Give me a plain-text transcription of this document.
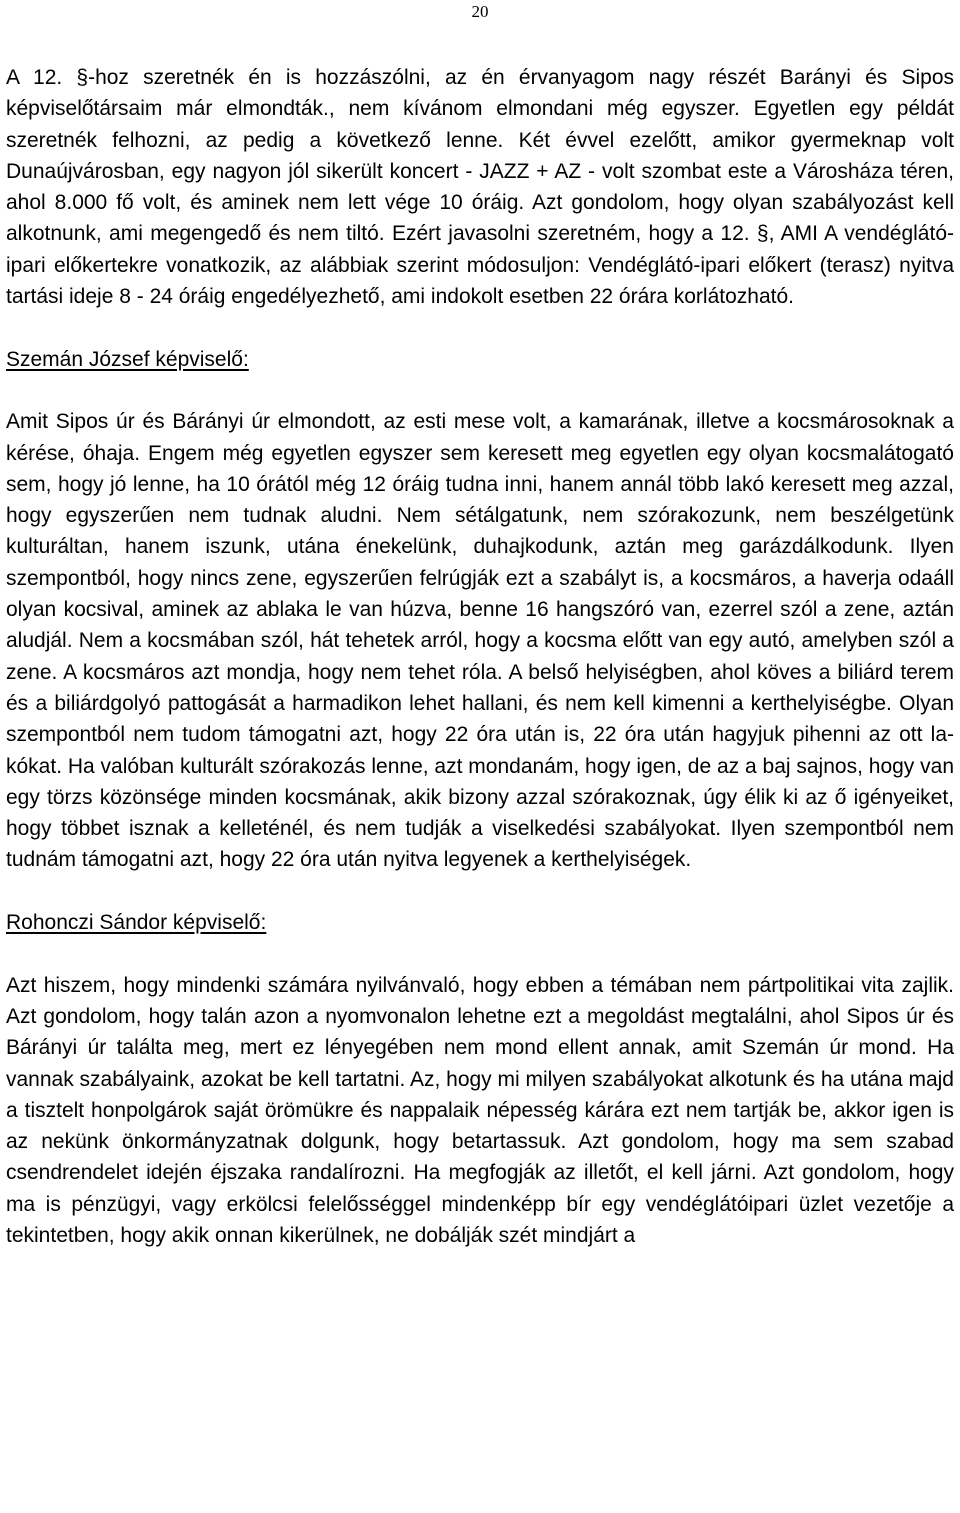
20

A 12. §-hoz szeretnék én is hozzászólni, az én érvanyagom nagy részét Barányi és Sipos képviselőtársaim már elmondták., nem kívánom elmondani még egyszer. Egyetlen egy példát szeretnék felhozni, az pedig a következő lenne. Két évvel ezelőtt, amikor gyermeknap volt Dunaújvárosban, egy nagyon jól sikerült koncert - JAZZ + AZ - volt szombat este a Városháza téren, ahol 8.000 fő volt, és aminek nem lett vége 10 óráig. Azt gondolom, hogy olyan szabályozást kell alkotnunk, ami megengedő és nem tiltó. Ezért javasolni szeretném, hogy a 12. §, AMI A vendéglátó-ipari előkertekre vonatkozik, az alábbiak szerint módosuljon: Vendéglátó-ipari előkert (terasz) nyitva tartási ideje 8 - 24 óráig engedélyezhető, ami indokolt esetben 22 órára korlátozható.

Szemán József képviselő:

Amit Sipos úr és Bárányi úr elmondott, az esti mese volt, a kamarának, illetve a kocsmárosoknak a kérése, óhaja. Engem még egyetlen egyszer sem keresett meg egyetlen egy olyan kocsmalátogató sem, hogy jó lenne, ha 10 órától még 12 óráig tudna inni, hanem annál több lakó keresett meg azzal, hogy egyszerűen nem tudnak aludni. Nem sétálgatunk, nem szórakozunk, nem beszélgetünk kulturáltan, hanem iszunk, utána énekelünk, duhajkodunk, aztán meg garázdálkodunk. Ilyen szempontból, hogy nincs zene, egyszerűen felrúgják ezt a szabályt is, a kocsmáros, a haverja odaáll olyan kocsival, aminek az ablaka le van húzva, benne 16 hangszóró van, ezerrel szól a zene, aztán aludjál. Nem a kocsmában szól, hát tehetek arról, hogy a kocsma előtt van egy autó, amelyben szól a zene. A kocsmáros azt mondja, hogy nem tehet róla. A belső helyiségben, ahol köves a biliárd terem és a biliárdgolyó pattogását a harmadikon lehet hallani, és nem kell kimenni a kerthelyiségbe. Olyan szempontból nem tudom támogatni azt, hogy 22 óra után is, 22 óra után hagyjuk pihenni az ott lakókat. Ha valóban kulturált szórakozás lenne, azt mondanám, hogy igen, de az a baj sajnos, hogy van egy törzs közönsége minden kocsmának, akik bizony azzal szórakoznak, úgy élik ki az ő igényeiket, hogy többet isznak a kelleténél, és nem tudják a viselkedési szabályokat. Ilyen szempontból nem tudnám támogatni azt, hogy 22 óra után nyitva legyenek a kerthelyiségek.

Rohonczi Sándor képviselő:

Azt hiszem, hogy mindenki számára nyilvánvaló, hogy ebben a témában nem pártpolitikai vita zajlik. Azt gondolom, hogy talán azon a nyomvonalon lehetne ezt a megoldást megtalálni, ahol Sipos úr és Bárányi úr találta meg, mert ez lényegében nem mond ellent annak, amit Szemán úr mond. Ha vannak szabályaink, azokat be kell tartatni. Az, hogy mi milyen szabályokat alkotunk és ha utána majd a tisztelt honpolgárok saját örömükre és nappalaik népesség kárára ezt nem tartják be, akkor igen is az nekünk önkormányzatnak dolgunk, hogy betartassuk. Azt gondolom, hogy ma sem szabad csendrendelet idején éjszaka randalírozni. Ha megfogják az illetőt, el kell járni. Azt gondolom, hogy ma is pénzügyi, vagy erkölcsi felelősséggel mindenképp bír egy vendéglátóipari üzlet vezetője a tekintetben, hogy akik onnan kikerülnek, ne dobálják szét mindjárt a
